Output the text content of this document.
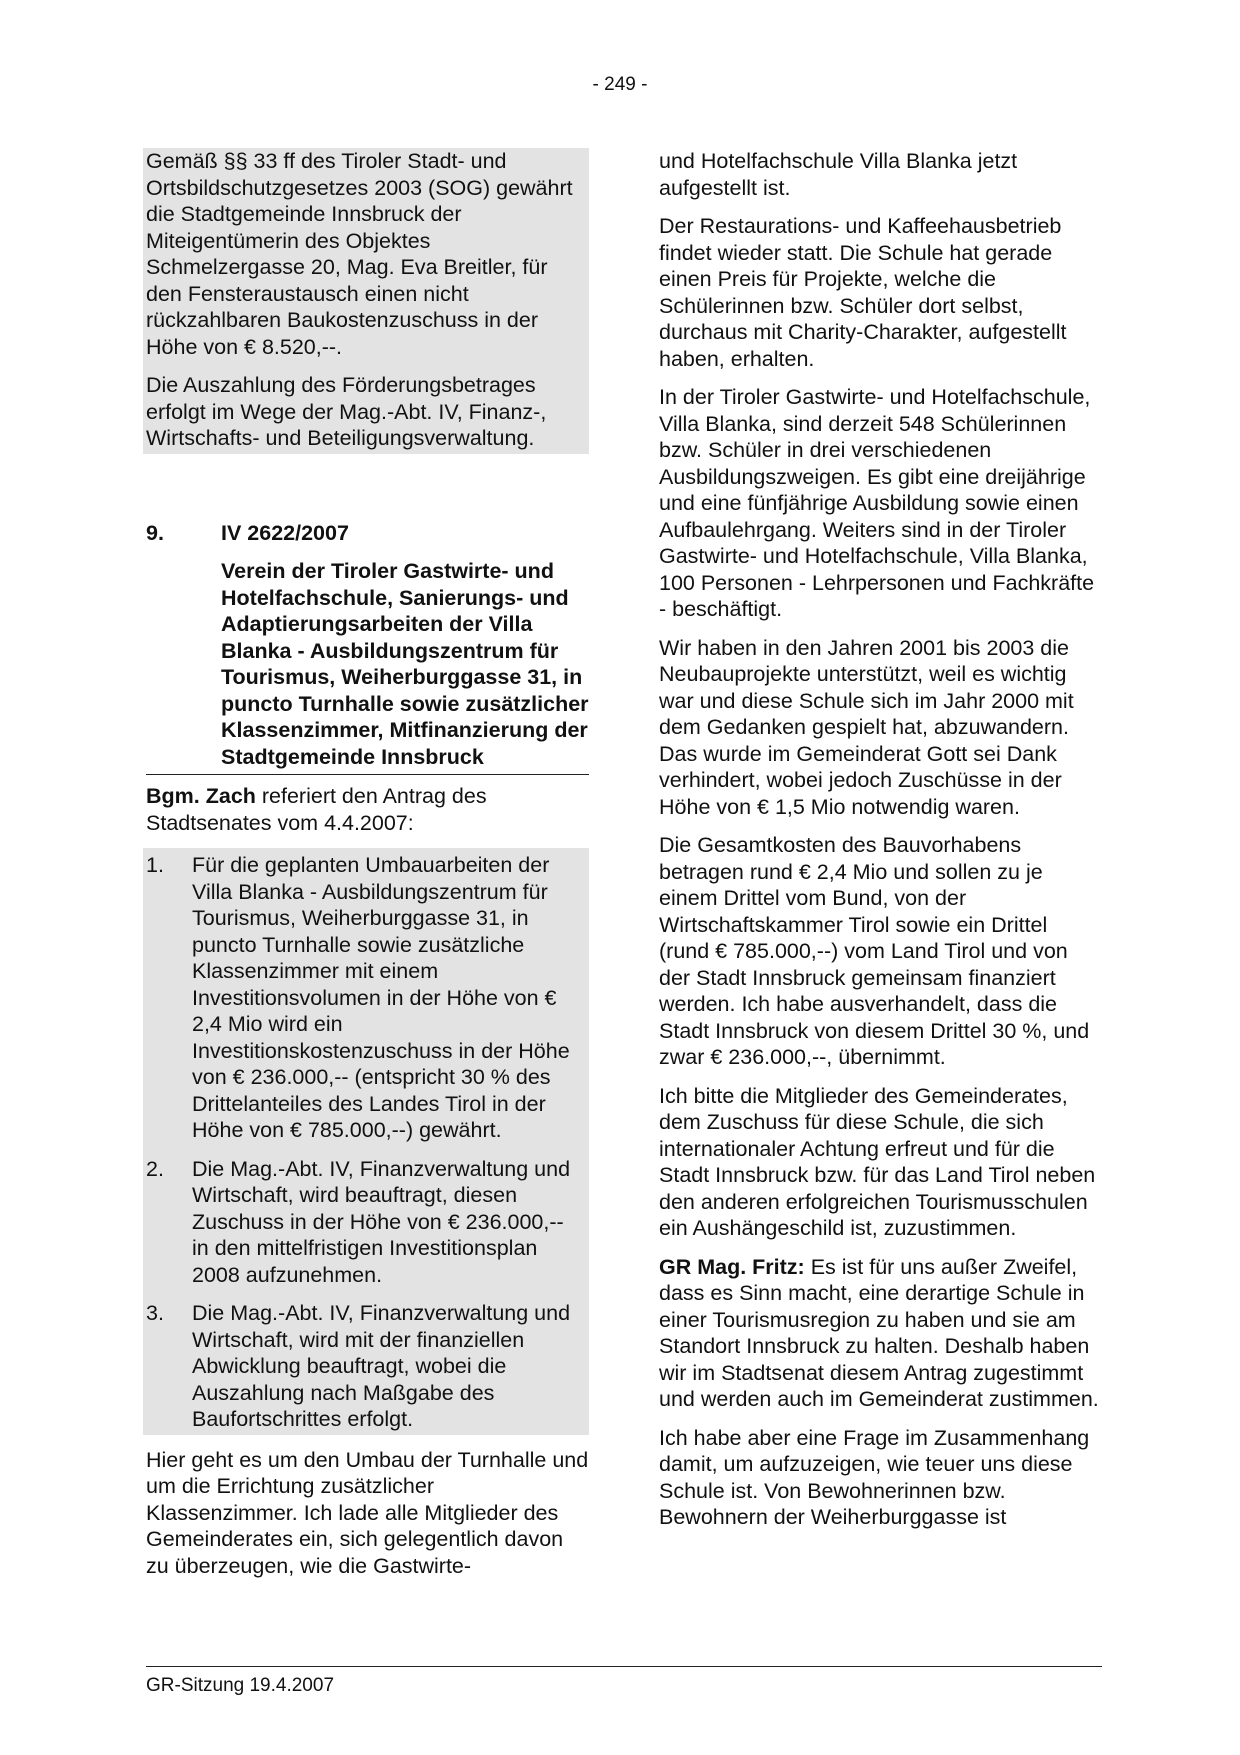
- 249 -

Gemäß §§ 33 ff des Tiroler Stadt- und Ortsbildschutzgesetzes 2003 (SOG) gewährt die Stadtgemeinde Innsbruck der Miteigentümerin des Objektes Schmelzergasse 20, Mag. Eva Breitler, für den Fensteraustausch einen nicht rückzahlbaren Baukostenzuschuss in der Höhe von € 8.520,--.

Die Auszahlung des Förderungsbetrages erfolgt im Wege der Mag.-Abt. IV, Finanz-, Wirtschafts- und Beteiligungsverwaltung.

9.	IV 2622/2007
Verein der Tiroler Gastwirte- und Hotelfachschule, Sanierungs- und Adaptierungsarbeiten der Villa Blanka - Ausbildungszentrum für Tourismus, Weiherburggasse 31, in puncto Turnhalle sowie zusätzlicher Klassenzimmer, Mitfinanzierung der Stadtgemeinde Innsbruck

Bgm. Zach referiert den Antrag des Stadtsenates vom 4.4.2007:

1.	Für die geplanten Umbauarbeiten der Villa Blanka - Ausbildungszentrum für Tourismus, Weiherburggasse 31, in puncto Turnhalle sowie zusätzliche Klassenzimmer mit einem Investitionsvolumen in der Höhe von € 2,4 Mio wird ein Investitionskostenzuschuss in der Höhe von € 236.000,-- (entspricht 30 % des Drittelanteiles des Landes Tirol in der Höhe von € 785.000,--) gewährt.
2.	Die Mag.-Abt. IV, Finanzverwaltung und Wirtschaft, wird beauftragt, diesen Zuschuss in der Höhe von € 236.000,-- in den mittelfristigen Investitionsplan 2008 aufzunehmen.
3.	Die Mag.-Abt. IV, Finanzverwaltung und Wirtschaft, wird mit der finanziellen Abwicklung beauftragt, wobei die Auszahlung nach Maßgabe des Baufortschrittes erfolgt.

Hier geht es um den Umbau der Turnhalle und um die Errichtung zusätzlicher Klassenzimmer. Ich lade alle Mitglieder des Gemeinderates ein, sich gelegentlich davon zu überzeugen, wie die Gastwirte-

und Hotelfachschule Villa Blanka jetzt aufgestellt ist.

Der Restaurations- und Kaffeehausbetrieb findet wieder statt. Die Schule hat gerade einen Preis für Projekte, welche die Schülerinnen bzw. Schüler dort selbst, durchaus mit Charity-Charakter, aufgestellt haben, erhalten.

In der Tiroler Gastwirte- und Hotelfachschule, Villa Blanka, sind derzeit 548 Schülerinnen bzw. Schüler in drei verschiedenen Ausbildungszweigen. Es gibt eine dreijährige und eine fünfjährige Ausbildung sowie einen Aufbaulehrgang. Weiters sind in der Tiroler Gastwirte- und Hotelfachschule, Villa Blanka, 100 Personen - Lehrpersonen und Fachkräfte - beschäftigt.

Wir haben in den Jahren 2001 bis 2003 die Neubauprojekte unterstützt, weil es wichtig war und diese Schule sich im Jahr 2000 mit dem Gedanken gespielt hat, abzuwandern. Das wurde im Gemeinderat Gott sei Dank verhindert, wobei jedoch Zuschüsse in der Höhe von € 1,5 Mio notwendig waren.

Die Gesamtkosten des Bauvorhabens betragen rund € 2,4 Mio und sollen zu je einem Drittel vom Bund, von der Wirtschaftskammer Tirol sowie ein Drittel (rund € 785.000,--) vom Land Tirol und von der Stadt Innsbruck gemeinsam finanziert werden. Ich habe ausverhandelt, dass die Stadt Innsbruck von diesem Drittel 30 %, und zwar € 236.000,--, übernimmt.

Ich bitte die Mitglieder des Gemeinderates, dem Zuschuss für diese Schule, die sich internationaler Achtung erfreut und für die Stadt Innsbruck bzw. für das Land Tirol neben den anderen erfolgreichen Tourismusschulen ein Aushängeschild ist, zuzustimmen.

GR Mag. Fritz: Es ist für uns außer Zweifel, dass es Sinn macht, eine derartige Schule in einer Tourismusregion zu haben und sie am Standort Innsbruck zu halten. Deshalb haben wir im Stadtsenat diesem Antrag zugestimmt und werden auch im Gemeinderat zustimmen.

Ich habe aber eine Frage im Zusammenhang damit, um aufzuzeigen, wie teuer uns diese Schule ist. Von Bewohnerinnen bzw. Bewohnern der Weiherburggasse ist

GR-Sitzung 19.4.2007
